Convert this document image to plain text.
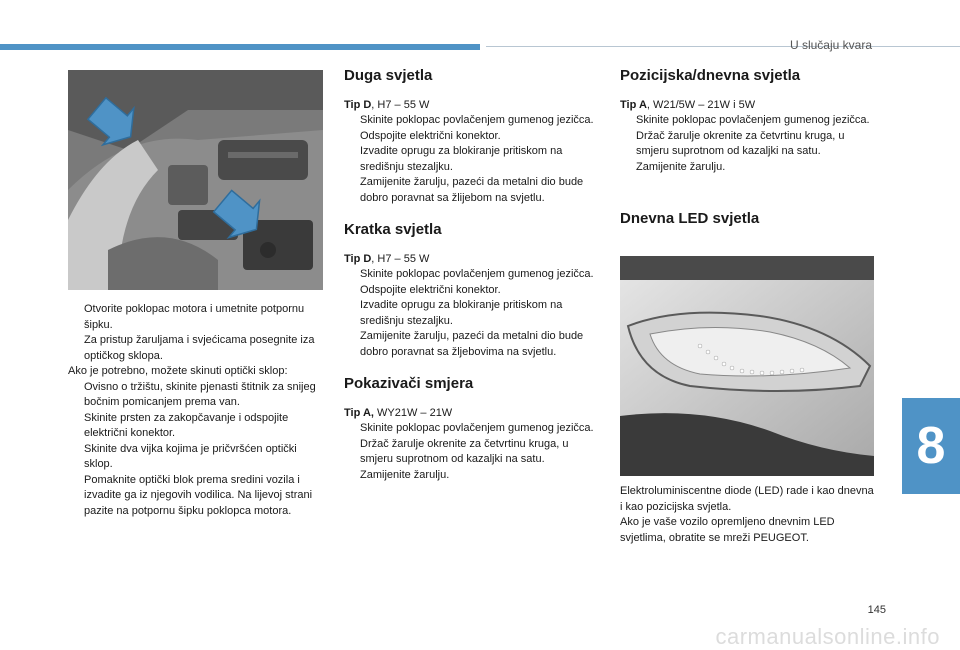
U slučaju kvara

Otvorite poklopac motora i umetnite potpornu šipku.

Za pristup žaruljama i svjećicama posegnite iza optičkog sklopa.

Ako je potrebno, možete skinuti optički sklop:

Ovisno o tržištu, skinite pjenasti štitnik za snijeg bočnim pomicanjem prema van.

Skinite prsten za zakopčavanje i odspojite električni konektor.

Skinite dva vijka kojima je pričvršćen optički sklop.

Pomaknite optički blok prema sredini vozila i izvadite ga iz njegovih vodilica. Na lijevoj strani pazite na potpornu šipku poklopca motora.

Duga svjetla

Tip D, H7 – 55 W

Skinite poklopac povlačenjem gumenog jezičca.

Odspojite električni konektor.

Izvadite oprugu za blokiranje pritiskom na središnju stezaljku.

Zamijenite žarulju, pazeći da metalni dio bude dobro poravnat sa žlijebom na svjetlu.

Kratka svjetla

Tip D, H7 – 55 W

Skinite poklopac povlačenjem gumenog jezičca.

Odspojite električni konektor.

Izvadite oprugu za blokiranje pritiskom na središnju stezaljku.

Zamijenite žarulju, pazeći da metalni dio bude dobro poravnat sa žljebovima na svjetlu.

Pokazivači smjera

Tip A, WY21W – 21W

Skinite poklopac povlačenjem gumenog jezičca.

Držač žarulje okrenite za četvrtinu kruga, u smjeru suprotnom od kazaljki na satu.

Zamijenite žarulju.

Pozicijska/dnevna svjetla

Tip A, W21/5W – 21W i 5W

Skinite poklopac povlačenjem gumenog jezičca.

Držač žarulje okrenite za četvrtinu kruga, u smjeru suprotnom od kazaljki na satu.

Zamijenite žarulju.

Dnevna LED svjetla

Elektroluminiscentne diode (LED) rade i kao dnevna i kao pozicijska svjetla.

Ako je vaše vozilo opremljeno dnevnim LED svjetlima, obratite se mreži PEUGEOT.

8
145
carmanualsonline.info
